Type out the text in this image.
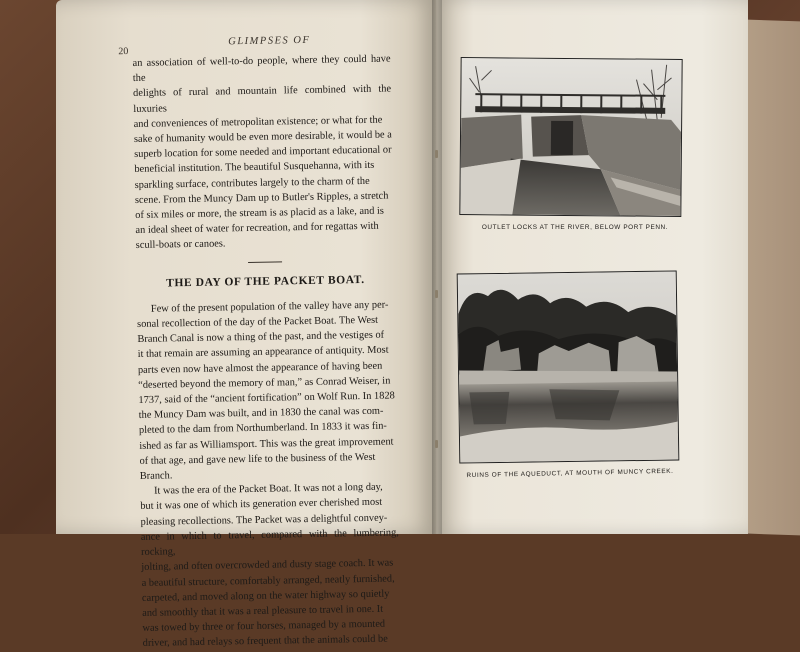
20
GLIMPSES OF

an association of well-to-do people, where they could have the

delights of rural and mountain life combined with the luxuries

and conveniences of metropolitan existence; or what for the

sake of humanity would be even more desirable, it would be a

superb location for some needed and important educational or

beneficial institution. The beautiful Susquehanna, with its

sparkling surface, contributes largely to the charm of the

scene. From the Muncy Dam up to Butler's Ripples, a stretch

of six miles or more, the stream is as placid as a lake, and is

an ideal sheet of water for recreation, and for regattas with

scull-boats or canoes.

THE DAY OF THE PACKET BOAT.

Few of the present population of the valley have any per-

sonal recollection of the day of the Packet Boat. The West

Branch Canal is now a thing of the past, and the vestiges of

it that remain are assuming an appearance of antiquity. Most

parts even now have almost the appearance of having been

“deserted beyond the memory of man,” as Conrad Weiser, in

1737, said of the “ancient fortification” on Wolf Run. In 1828

the Muncy Dam was built, and in 1830 the canal was com-

pleted to the dam from Northumberland. In 1833 it was fin-

ished as far as Williamsport. This was the great improvement

of that age, and gave new life to the business of the West

Branch.

It was the era of the Packet Boat. It was not a long day,

but it was one of which its generation ever cherished most

pleasing recollections. The Packet was a delightful convey-

ance in which to travel, compared with the lumbering, rocking,

jolting, and often overcrowded and dusty stage coach. It was

a beautiful structure, comfortably arranged, neatly furnished,

carpeted, and moved along on the water highway so quietly

and smoothly that it was a real pleasure to travel in one. It

was towed by three or four horses, managed by a mounted

driver, and had relays so frequent that the animals could be

OUTLET LOCKS AT THE RIVER, BELOW PORT PENN.
RUINS OF THE AQUEDUCT, AT MOUTH OF MUNCY CREEK.
